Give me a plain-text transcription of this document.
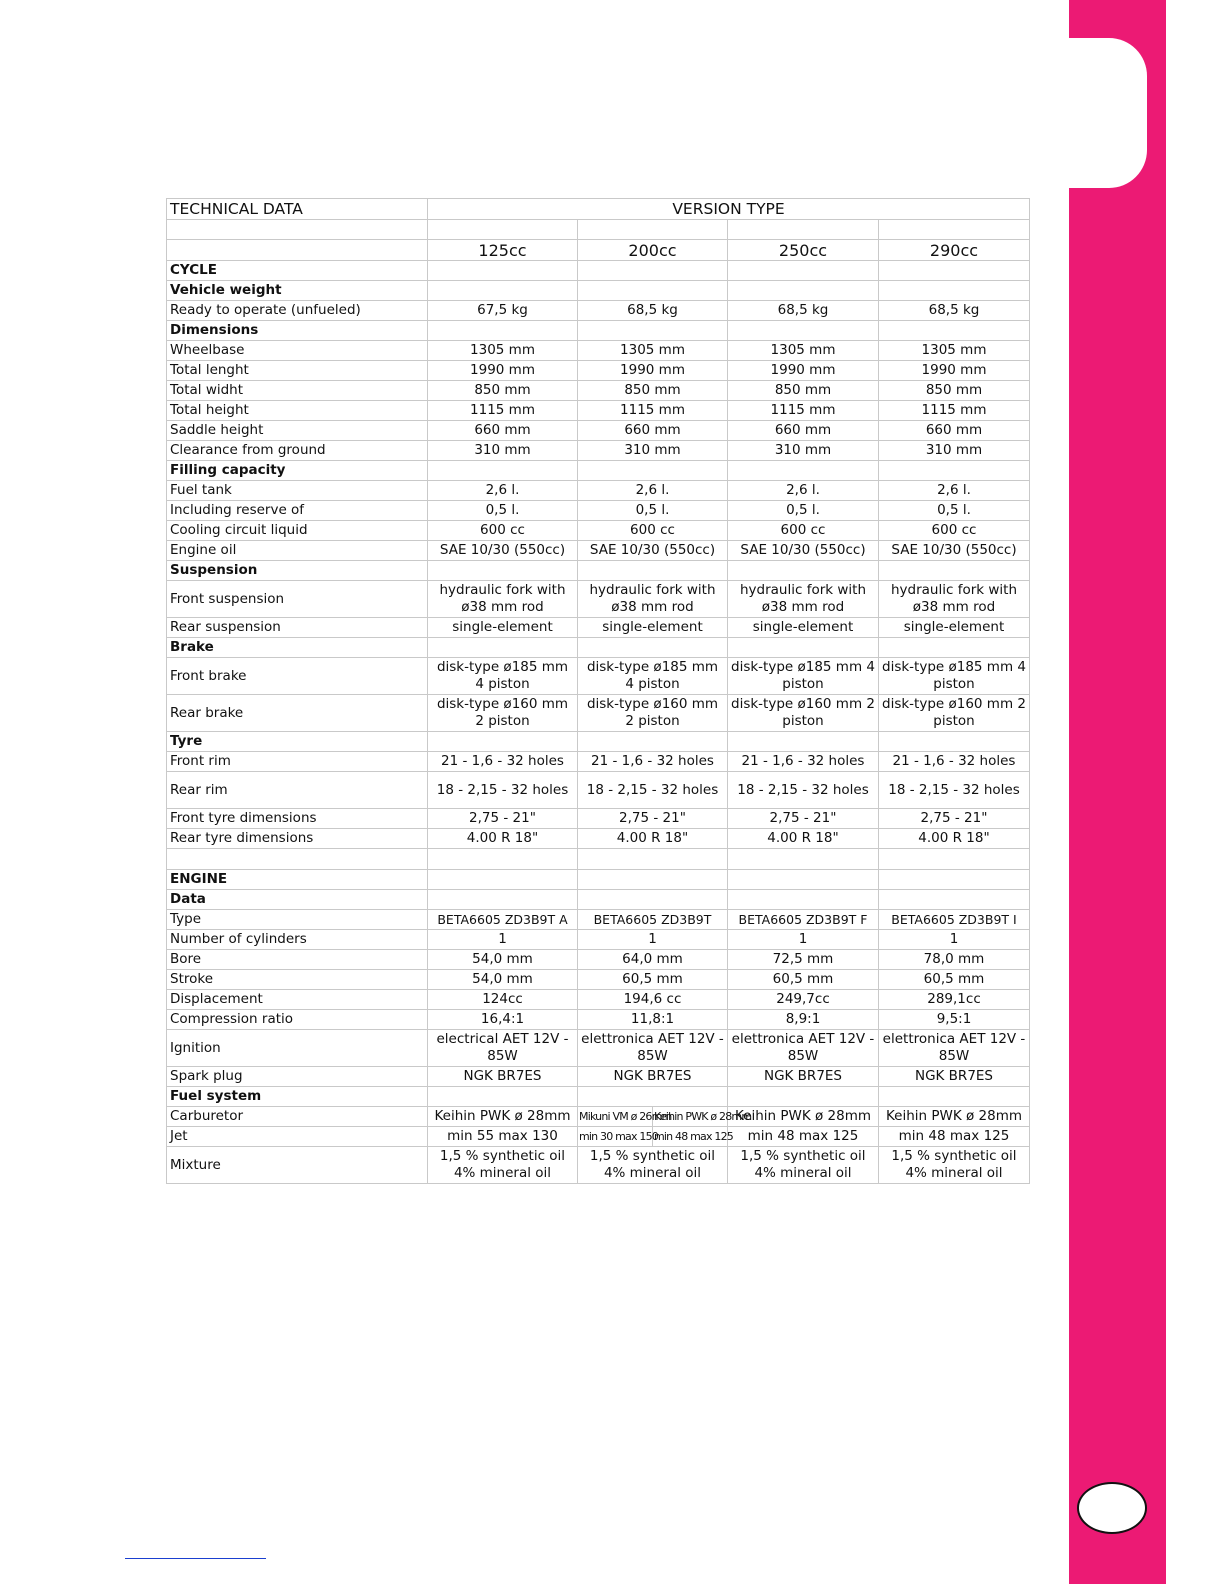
TECHNICAL DATA	VERSION TYPE				

	125cc	200cc		250cc	290cc
CYCLE					
Vehicle weight					
Ready to operate (unfueled)	67,5 kg	68,5 kg		68,5 kg	68,5 kg
Dimensions					
Wheelbase	1305 mm	1305 mm		1305 mm	1305 mm
Total lenght	1990 mm	1990 mm		1990 mm	1990 mm
Total widht	850 mm	850 mm		850 mm	850 mm
Total height	1115 mm	1115 mm		1115 mm	1115 mm
Saddle height	660 mm	660 mm		660 mm	660 mm
Clearance from ground	310 mm	310 mm		310 mm	310 mm
Filling capacity					
Fuel tank	2,6 l.	2,6 l.		2,6 l.	2,6 l.
Including reserve of	0,5 l.	0,5 l.		0,5 l.	0,5 l.
Cooling circuit liquid	600 cc	600 cc		600 cc	600 cc
Engine oil	SAE 10/30 (550cc)	SAE 10/30 (550cc)		SAE 10/30 (550cc)	SAE 10/30 (550cc)
Suspension					
Front suspension	hydraulic fork with ø38 mm rod	hydraulic fork with ø38 mm rod		hydraulic fork with ø38 mm rod	hydraulic fork with ø38 mm rod
Rear suspension	single-element	single-element		single-element	single-element
Brake					
Front brake	disk-type ø185 mm 4 piston	disk-type ø185 mm 4 piston		disk-type ø185 mm 4 piston	disk-type ø185 mm 4 piston
Rear brake	disk-type ø160 mm 2 piston	disk-type ø160 mm 2 piston		disk-type ø160 mm 2 piston	disk-type ø160 mm 2 piston
Tyre					
Front rim	21 - 1,6 - 32 holes	21 - 1,6 - 32 holes		21 - 1,6 - 32 holes	21 - 1,6 - 32 holes
Rear rim	18 - 2,15 - 32 holes	18 - 2,15 - 32 holes		18 - 2,15 - 32 holes	18 - 2,15 - 32 holes
Front tyre dimensions	2,75 - 21"	2,75 - 21"		2,75 - 21"	2,75 - 21"
Rear tyre dimensions	4.00 R 18"	4.00 R 18"		4.00 R 18"	4.00 R 18"

ENGINE					
Data					
Type	BETA6605 ZD3B9T A	BETA6605 ZD3B9T		BETA6605 ZD3B9T F	BETA6605 ZD3B9T I
Number of cylinders	1	1		1	1
Bore	54,0 mm	64,0 mm		72,5 mm	78,0 mm
Stroke	54,0 mm	60,5 mm		60,5 mm	60,5 mm
Displacement	124cc	194,6 cc		249,7cc	289,1cc
Compression ratio	16,4:1	11,8:1		8,9:1	9,5:1
Ignition	electrical AET 12V - 85W	elettronica AET 12V - 85W		elettronica AET 12V - 85W	elettronica AET 12V - 85W
Spark plug	NGK BR7ES	NGK BR7ES		NGK BR7ES	NGK BR7ES
Fuel system					
Carburetor	Keihin PWK ø 28mm	Mikuni VM ø 26mm	Keihin PWK ø 28mm	Keihin PWK ø 28mm	Keihin PWK ø 28mm
Jet	min 55 max 130	min 30 max 150	min 48 max 125	min 48 max 125	min 48 max 125
Mixture	1,5 % synthetic oil 4% mineral oil	1,5 % synthetic oil 4% mineral oil		1,5 % synthetic oil 4% mineral oil	1,5 % synthetic oil 4% mineral oil
